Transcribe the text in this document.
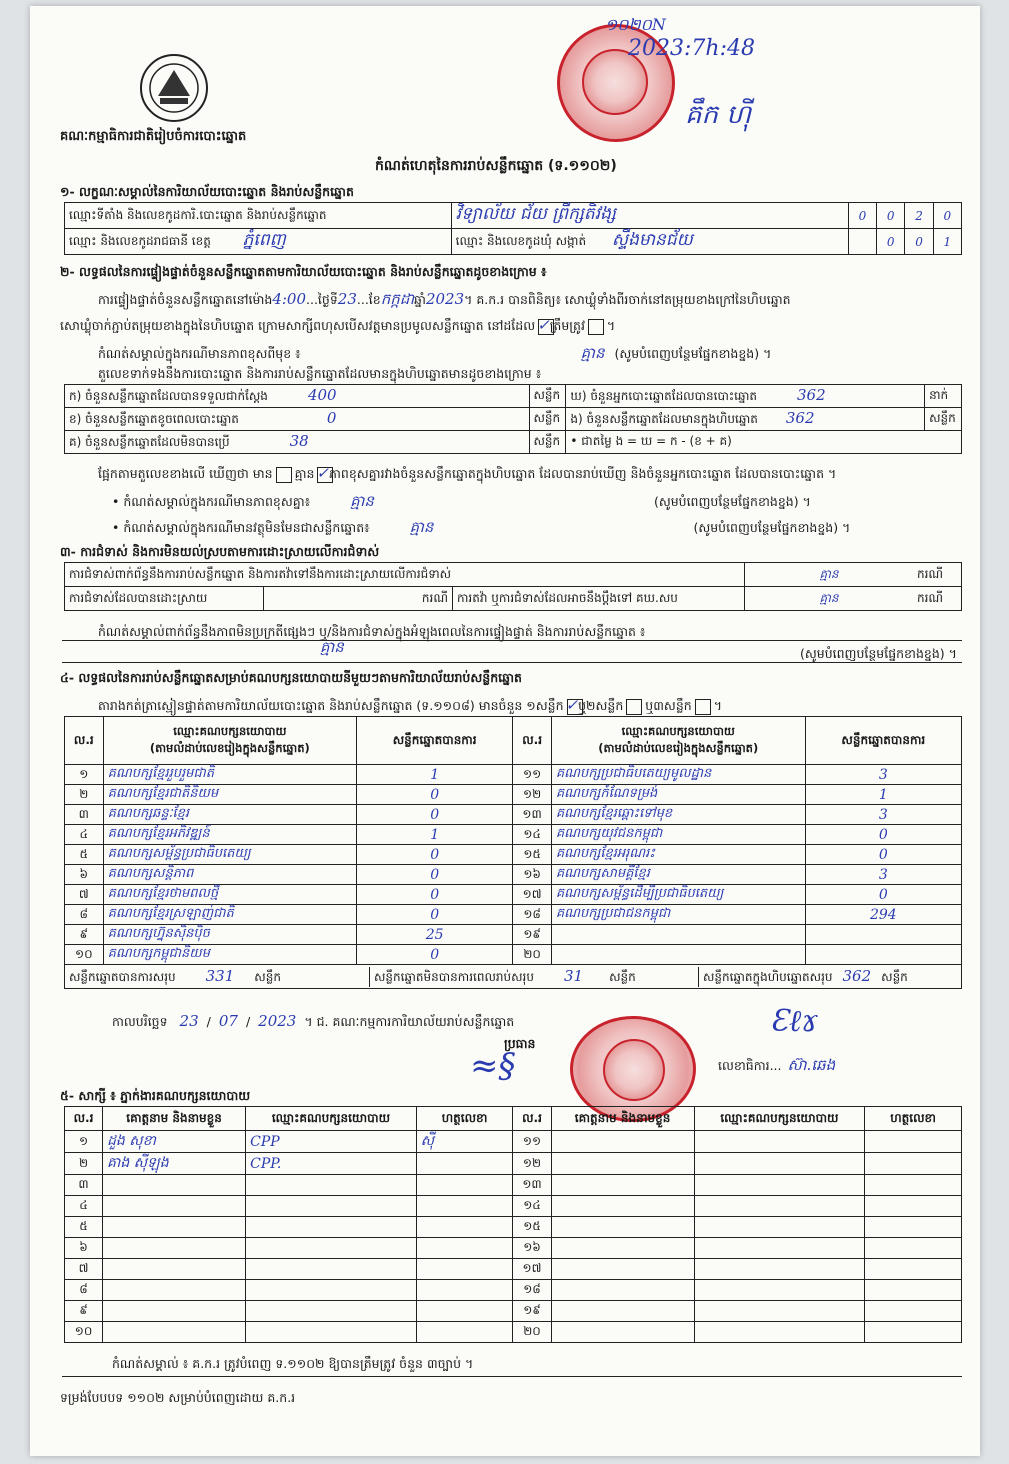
គណៈកម្មាធិការជាតិរៀបចំការបោះឆ្នោត
១០២០N
2023:7h:48
គឹក ហ៊ី
កំណត់ហេតុនៃការរាប់សន្លឹកឆ្នោត (ទ.១១០២)
១- លក្ខណៈសម្គាល់នៃការិយាល័យបោះឆ្នោត និងរាប់សន្លឹកឆ្នោត
ឈ្មោះទីតាំង និងលេខកូដការិ.បោះឆ្នោត និងរាប់សន្លឹកឆ្នោត	វិទ្យាល័យ ជ័យ ព្រឹក្សតិវង្ស	0	0	2	0
ឈ្មោះ និងលេខកូដរាជធានី ខេត្ត ភ្នំពេញ	ឈ្មោះ និងលេខកូដឃុំ សង្កាត់ ស្ទឹងមានជ័យ		0	0	1
២- លទ្ធផលនៃការផ្ទៀងផ្ទាត់ចំនួនសន្លឹកឆ្នោតតាមការិយាល័យបោះឆ្នោត និងរាប់សន្លឹកឆ្នោតដូចខាងក្រោម ៖
ការផ្ទៀងផ្ទាត់ចំនួនសន្លឹកឆ្នោតនៅម៉ោង4:00...ថ្ងៃទី23...ខែកក្កដាឆ្នាំ2023។ គ.ក.រ បានពិនិត្យ៖ សោឃ្លុំទាំងពីរចាក់នៅតម្រុយខាងក្រៅនៃហិបឆ្នោត
សោឃ្លុំចាក់ភ្ជាប់តម្រុយខាងក្នុងនៃហិបឆ្នោត ក្រោមសាក្សីពហុសបើសវត្តមានប្រមូលសន្លឹកឆ្នោត នៅដដែល ✓ត្រឹមត្រូវ ។
កំណត់សម្គាល់ក្នុងករណីមានភាពខុសពីមុខ ៖	គ្មាន (សូមបំពេញបន្ថែមផ្នែកខាងខ្នង) ។
តួលេខទាក់ទងនឹងការបោះឆ្នោត និងការរាប់សន្លឹកឆ្នោតដែលមានក្នុងហិបឆ្នោតមានដូចខាងក្រោម ៖
ក) ចំនួនសន្លឹកឆ្នោតដែលបានទទួលជាក់ស្តែង 400	សន្លឹក	ឃ) ចំនួនអ្នកបោះឆ្នោតដែលបានបោះឆ្នោត 362	នាក់
ខ) ចំនួនសន្លឹកឆ្នោតខូចពេលបោះឆ្នោត 0	សន្លឹក	ង) ចំនួនសន្លឹកឆ្នោតដែលមានក្នុងហិបឆ្នោត 362	សន្លឹក
គ) ចំនួនសន្លឹកឆ្នោតដែលមិនបានប្រើ 38	សន្លឹក	• ជាតម្លៃ ង = ឃ = ក - (ខ + គ)	
ផ្អែកតាមតួលេខខាងលើ ឃើញថា មាន គ្មាន ✓ភាពខុសគ្នារវាងចំនួនសន្លឹកឆ្នោតក្នុងហិបឆ្នោត ដែលបានរាប់ឃើញ និងចំនួនអ្នកបោះឆ្នោត ដែលបានបោះឆ្នោត ។
• កំណត់សម្គាល់ក្នុងករណីមានភាពខុសគ្នា៖	គ្មាន	(សូមបំពេញបន្ថែមផ្នែកខាងខ្នង) ។
• កំណត់សម្គាល់ក្នុងករណីមានវត្ថុមិនមែនជាសន្លឹកឆ្នោត៖	គ្មាន	(សូមបំពេញបន្ថែមផ្នែកខាងខ្នង) ។
៣- ការជំទាស់ និងការមិនយល់ស្របតាមការដោះស្រាយលើការជំទាស់
ការជំទាស់ពាក់ព័ន្ធនឹងការរាប់សន្លឹកឆ្នោត និងការតវ៉ាទៅនឹងការដោះស្រាយលើការជំទាស់			គ្មាន	ករណី
ការជំទាស់ដែលបានដោះស្រាយ	ករណី	ការតវ៉ា ឬការជំទាស់ដែលអាចនឹងប្តឹងទៅ គឃ.សប	គ្មាន	ករណី
កំណត់សម្គាល់ពាក់ព័ន្ធនឹងភាពមិនប្រក្រតីផ្សេងៗ ឬ/និងការជំទាស់ក្នុងអំឡុងពេលនៃការផ្ទៀងផ្ទាត់ និងការរាប់សន្លឹកឆ្នោត ៖
គ្មាន	(សូមបំពេញបន្ថែមផ្នែកខាងខ្នង) ។
៤- លទ្ធផលនៃការរាប់សន្លឹកឆ្នោតសម្រាប់គណបក្សនយោបាយនីមួយៗតាមការិយាល័យរាប់សន្លឹកឆ្នោត
តារាងកត់ត្រាស្មៀនផ្ទាត់តាមការិយាល័យបោះឆ្នោត និងរាប់សន្លឹកឆ្នោត (ទ.១១០៨) មានចំនួន ១សន្លឹក ✓ឬ២សន្លឹក ឬ៣សន្លឹក ។
ល.រ	ឈ្មោះគណបក្សនយោបាយ
(តាមលំដាប់លេខរៀងក្នុងសន្លឹកឆ្នោត)	សន្លឹកឆ្នោតបានការ	ល.រ	ឈ្មោះគណបក្សនយោបាយ
(តាមលំដាប់លេខរៀងក្នុងសន្លឹកឆ្នោត)	សន្លឹកឆ្នោតបានការ
១	គណបក្សខ្មែររួបរួមជាតិ	1	១១	គណបក្សប្រជាធិបតេយ្យមូលដ្ឋាន	3
២	គណបក្សខ្មែរជាតិនិយម	0	១២	គណបក្សកំណែទម្រង់	1
៣	គណបក្សឆន្ទៈខ្មែរ	0	១៣	គណបក្សខ្មែរឆ្ពោះទៅមុខ	3
៤	គណបក្សខ្មែរអភិវឌ្ឍន៍	1	១៤	គណបក្សយុវជនកម្ពុជា	0
៥	គណបក្សសម្ព័ន្ធប្រជាធិបតេយ្យ	0	១៥	គណបក្សខ្មែរអរុណរះ	0
៦	គណបក្សសន្តិភាព	0	១៦	គណបក្សសាមគ្គីខ្មែរ	3
៧	គណបក្សខ្មែរថាមពលថ្មី	0	១៧	គណបក្សសម្ព័ន្ធដើម្បីប្រជាធិបតេយ្យ	0
៨	គណបក្សខ្មែរស្រឡាញ់ជាតិ	0	១៨	គណបក្សប្រជាជនកម្ពុជា	294
៩	គណបក្សហ្វ៊ុនស៊ិនប៉ិច	25	១៩		
១០	គណបក្សកម្ពុជានិយម	0	២០		
សន្លឹកឆ្នោតបានការសរុប 331 សន្លឹក សន្លឹកឆ្នោតមិនបានការពេលរាប់សរុប 31 សន្លឹក សន្លឹកឆ្នោតក្នុងហិបឆ្នោតសរុប 362 សន្លឹក					
កាលបរិច្ឆេទ 23 / 07 / 2023 ។ ជ. គណៈកម្មការការិយាល័យរាប់សន្លឹកឆ្នោត
ប្រធាន
≈§
Ɛℓɤ
លេខាធិការ... ស៊ា.ឆេង
៥- សាក្សី ៖ ភ្នាក់ងារគណបក្សនយោបាយ
ល.រ	គោត្តនាម និងនាមខ្លួន	ឈ្មោះគណបក្សនយោបាយ	ហត្ថលេខា	ល.រ	គោត្តនាម និងនាមខ្លួន	ឈ្មោះគណបក្សនយោបាយ	ហត្ថលេខា
១	ដួង សុខា	CPP	ស៊ី	១១			
២	គាង ស៊ីឡុង	CPP.		១២			
៣				១៣			
៤				១៤			
៥				១៥			
៦				១៦			
៧				១៧			
៨				១៨			
៩				១៩			
១០				២០			
កំណត់សម្គាល់ ៖ គ.ក.រ ត្រូវបំពេញ ទ.១១០២ ឱ្យបានត្រឹមត្រូវ ចំនួន ៣ច្បាប់ ។
ទម្រង់បែបបទ ១១០២ សម្រាប់បំពេញដោយ គ.ក.រ
